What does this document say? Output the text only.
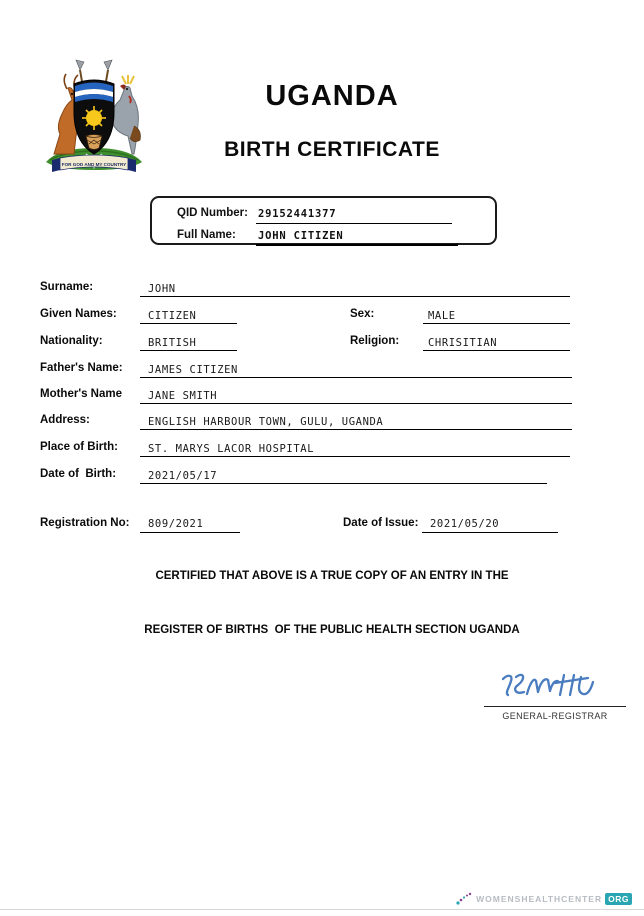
FOR GOD AND MY COUNTRY
UGANDA
BIRTH CERTIFICATE
QID Number: 29152441377
Full Name: JOHN CITIZEN
Surname:	JOHN
Given Names:	CITIZEN	Sex:	MALE
Nationality:	BRITISH	Religion:	CHRISITIAN
Father's Name: JAMES CITIZEN
Mother's Name JANE SMITH
Address:	ENGLISH HARBOUR TOWN, GULU, UGANDA
Place of Birth:	ST. MARYS LACOR HOSPITAL
Date of  Birth:	2021/05/17
Registration No: 809/2021	Date of Issue: 2021/05/20
CERTIFIED THAT ABOVE IS A TRUE COPY OF AN ENTRY IN THE
REGISTER OF BIRTHS  OF THE PUBLIC HEALTH SECTION UGANDA
GENERAL-REGISTRAR
WOMENSHEALTHCENTER ORG
